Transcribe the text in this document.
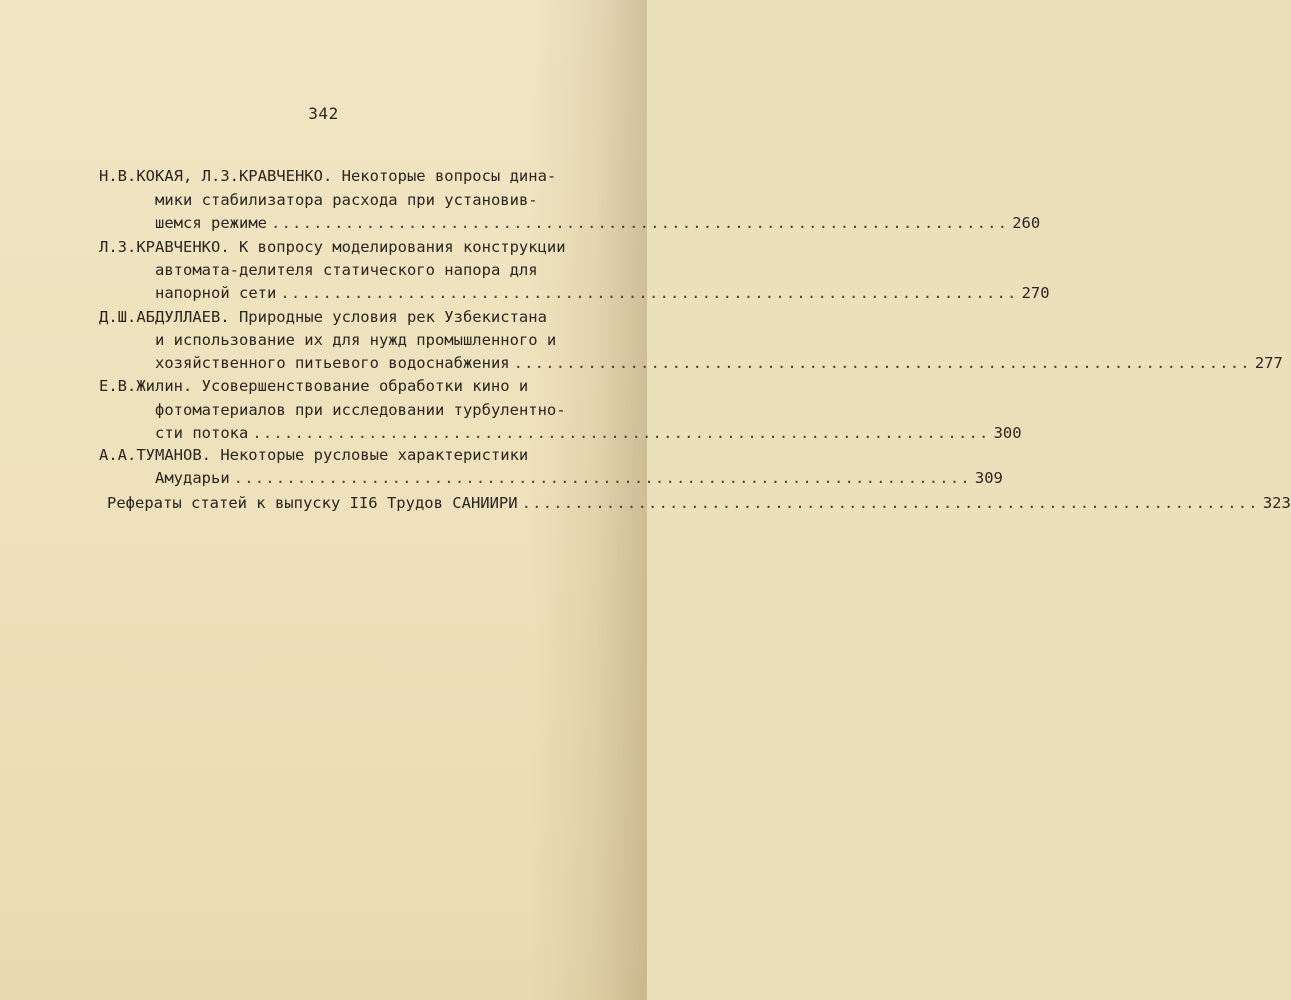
342
Н.В.КОКАЯ, Л.З.КРАВЧЕНКО. Некоторые вопросы дина-
мики стабилизатора расхода при установив-
шемся режиме ...................................................................... 260
Л.З.КРАВЧЕНКО. К вопросу моделирования конструкции
автомата-делителя статического напора для
напорной сети ...................................................................... 270
Д.Ш.АБДУЛЛАЕВ. Природные условия рек Узбекистана
и использование их для нужд промышленного и
хозяйственного питьевого водоснабжения ...................................................................... 277
Е.В.Жилин. Усовершенствование обработки кино и
фотоматериалов при исследовании турбулентно-
сти потока ...................................................................... 300
А.А.ТУМАНОВ. Некоторые русловые характеристики
Амударьи ...................................................................... 309
Рефераты статей к выпуску II6 Трудов САНИИРИ ...................................................................... 323
